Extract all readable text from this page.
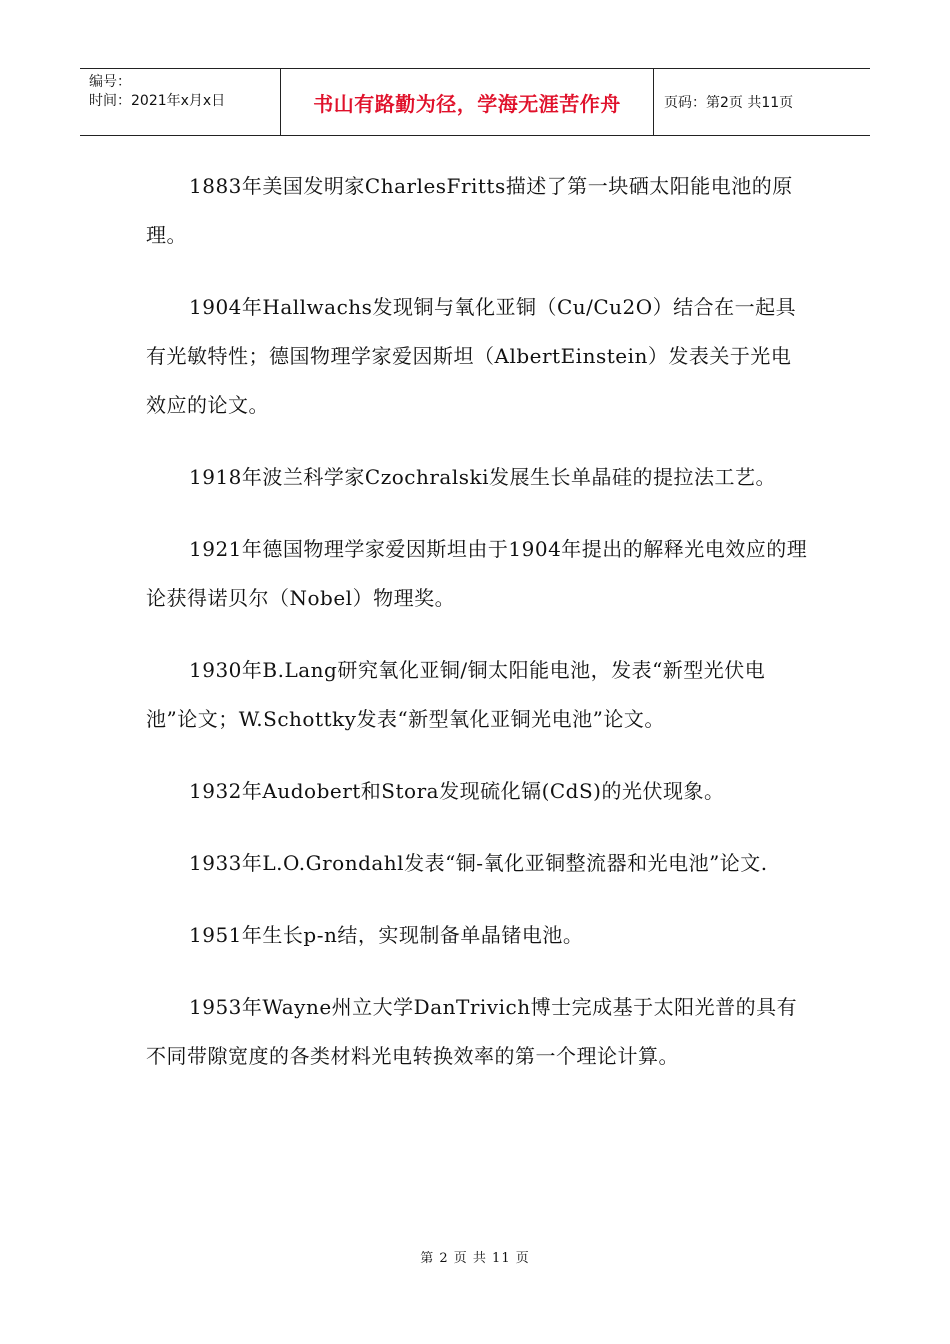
编号：
时间：2021年x月x日	书山有路勤为径，学海无涯苦作舟	页码：第2页 共11页

1883年美国发明家CharlesFritts描述了第一块硒太阳能电池的原理。

1904年Hallwachs发现铜与氧化亚铜（Cu/Cu2O）结合在一起具有光敏特性；德国物理学家爱因斯坦（AlbertEinstein）发表关于光电效应的论文。

1918年波兰科学家Czochralski发展生长单晶硅的提拉法工艺。

1921年德国物理学家爱因斯坦由于1904年提出的解释光电效应的理论获得诺贝尔（Nobel）物理奖。

1930年B.Lang研究氧化亚铜/铜太阳能电池，发表“新型光伏电池”论文；W.Schottky发表“新型氧化亚铜光电池”论文。

1932年Audobert和Stora发现硫化镉(CdS)的光伏现象。

1933年L.O.Grondahl发表“铜-氧化亚铜整流器和光电池”论文.

1951年生长p-n结，实现制备单晶锗电池。

1953年Wayne州立大学DanTrivich博士完成基于太阳光普的具有不同带隙宽度的各类材料光电转换效率的第一个理论计算。

第 2 页 共 11 页
